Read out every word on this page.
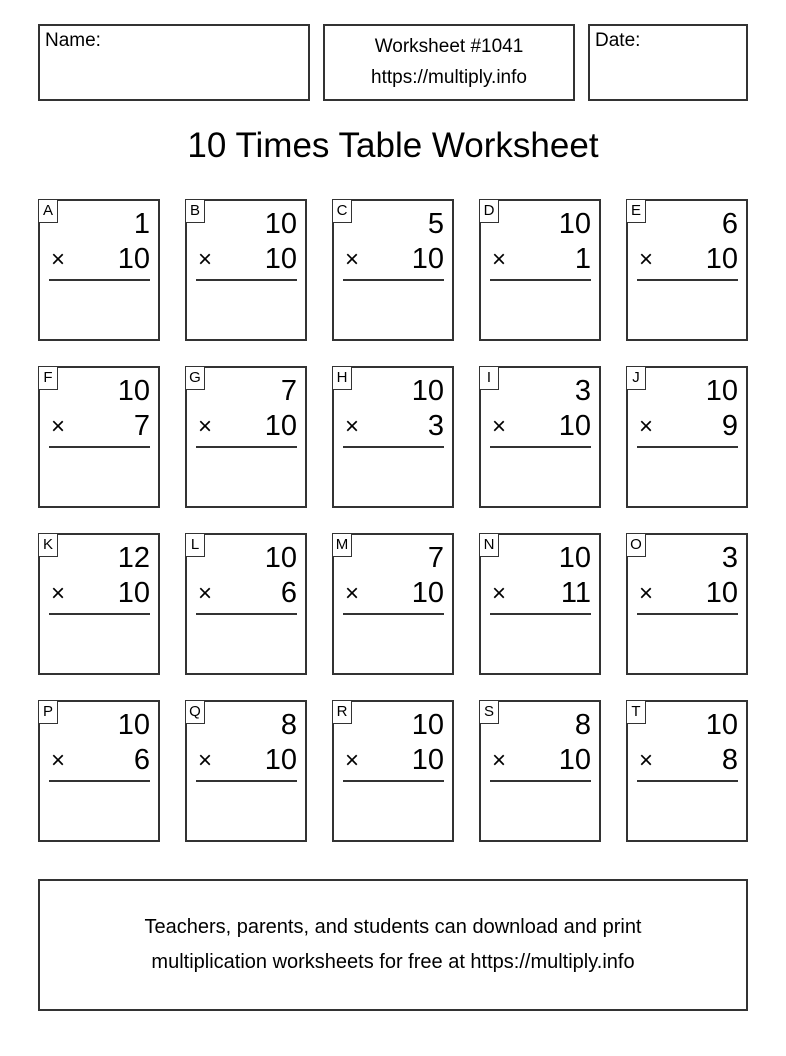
Name:	Worksheet #1041
https://multiply.info
Date:
10 Times Table Worksheet
A	1
× 10
B 10
× 10
C	5
× 10
D 10
× 1
E	6
× 10
F 10
× 7
G	7
× 10
H 10
× 3
I	3
× 10
J 10
× 9
K 12
× 10
L 10
× 6
M	7
× 10
N 10
× 11
O	3
× 10
P 10
× 6
Q	8
× 10
R 10
× 10
S	8
× 10
T 10
× 8
Teachers, parents, and students can download and print
multiplication worksheets for free at https://multiply.info
